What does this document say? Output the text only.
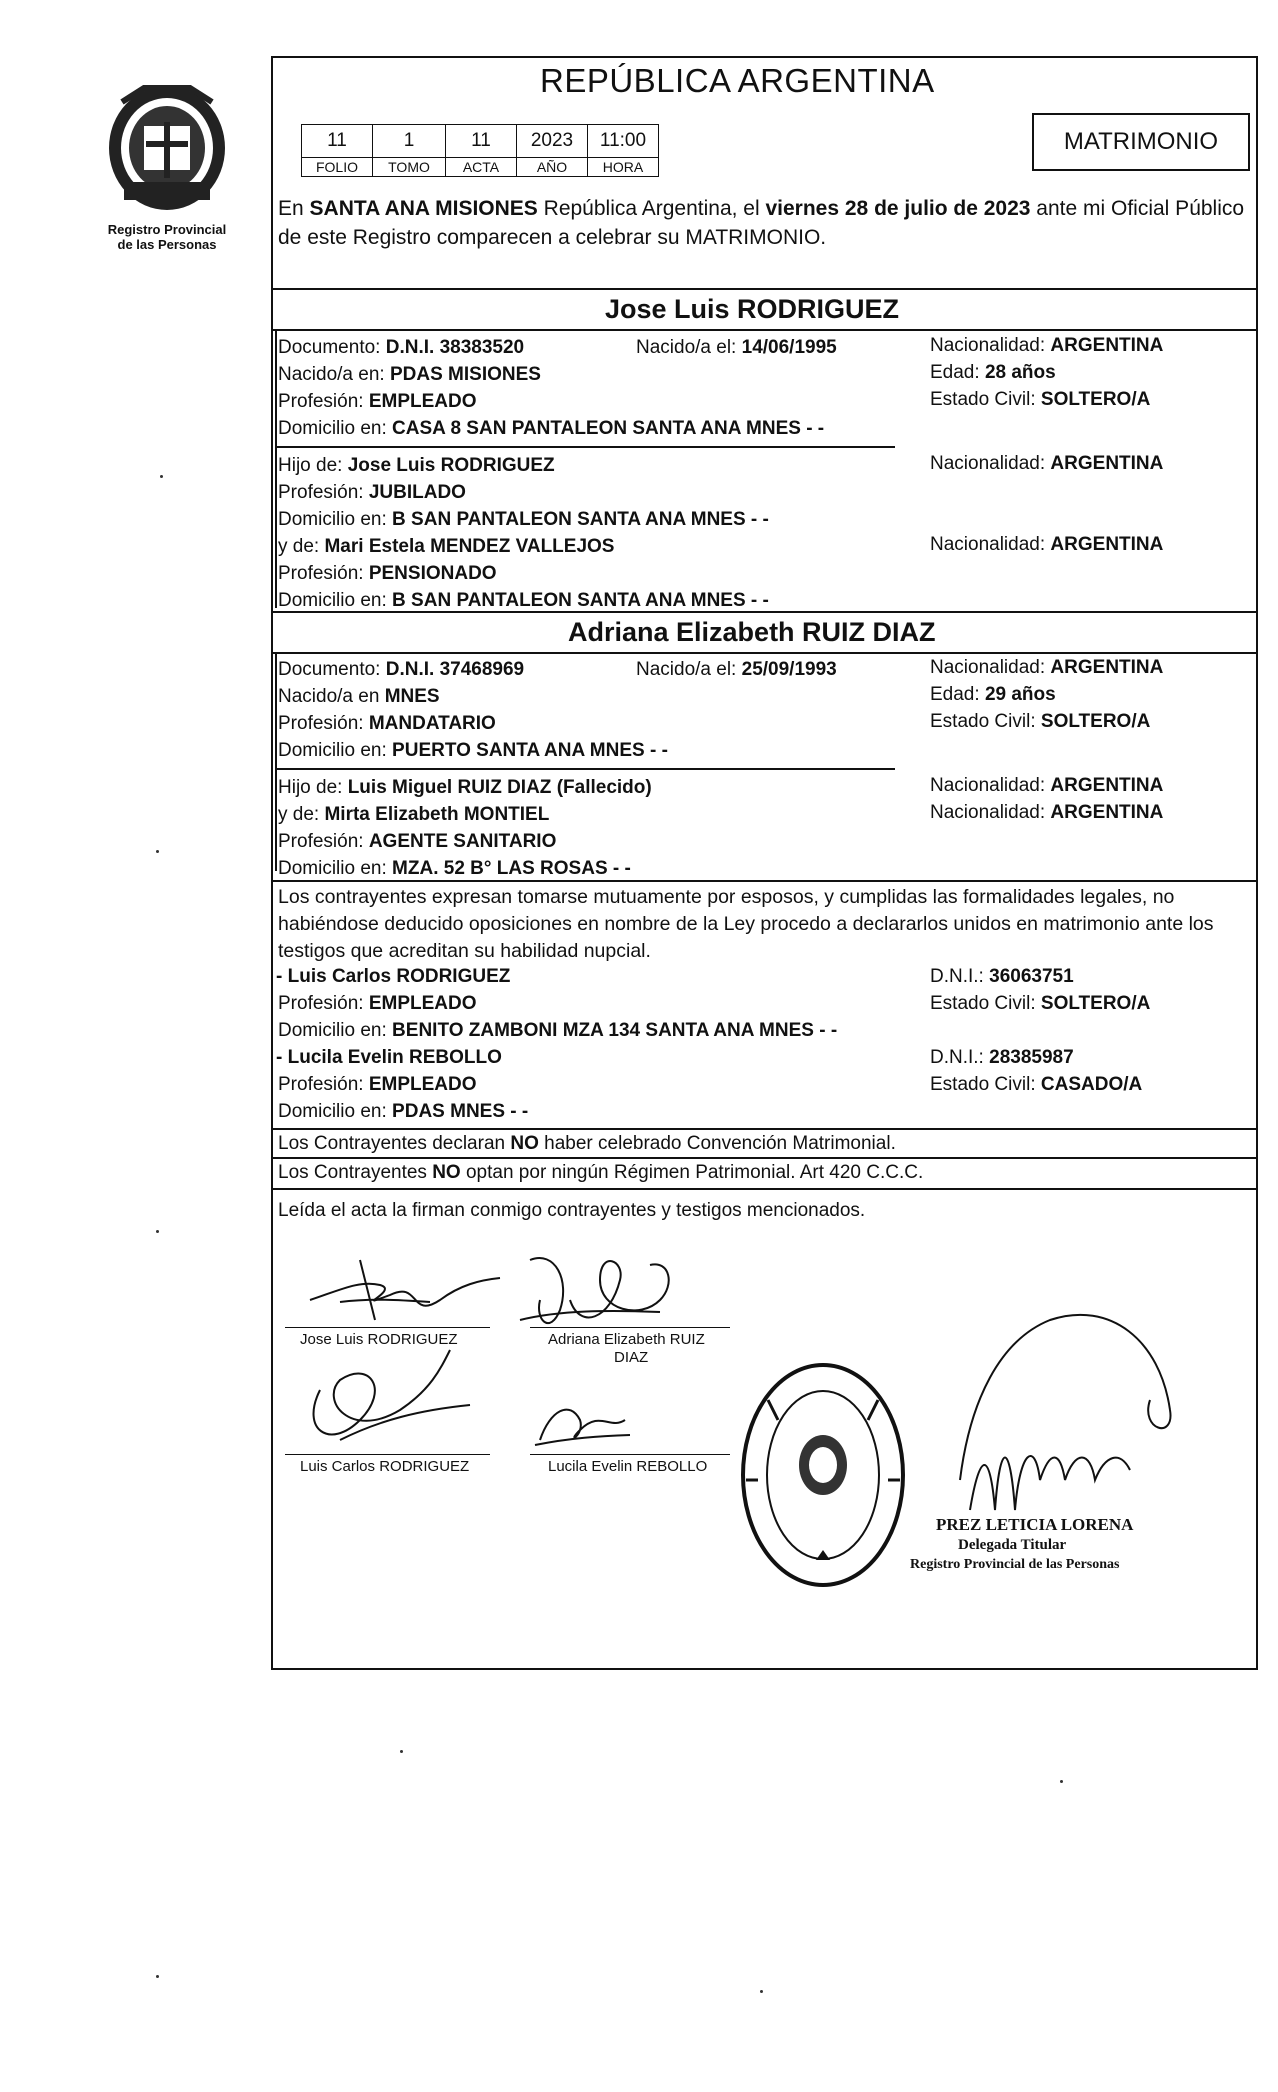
Registro Provincial
de las Personas
REPÚBLICA ARGENTINA
11	1	11	2023	11:00
FOLIO	TOMO	ACTA	AÑO	HORA
MATRIMONIO
En SANTA ANA MISIONES República Argentina, el viernes 28 de julio de 2023 ante mi Oficial Público de este Registro comparecen a celebrar su MATRIMONIO.
Jose Luis RODRIGUEZ
Documento: D.N.I. 38383520	Nacido/a el: 14/06/1995	Nacionalidad: ARGENTINA
Nacido/a en: PDAS MISIONES	Edad: 28 años
Profesión: EMPLEADO	Estado Civil: SOLTERO/A
Domicilio en: CASA 8 SAN PANTALEON SANTA ANA MNES - -
Hijo de: Jose Luis RODRIGUEZ	Nacionalidad: ARGENTINA
Profesión: JUBILADO
Domicilio en: B SAN PANTALEON SANTA ANA MNES - -
y de: Mari Estela MENDEZ VALLEJOS	Nacionalidad: ARGENTINA
Profesión: PENSIONADO
Domicilio en: B SAN PANTALEON SANTA ANA MNES - -
Adriana Elizabeth RUIZ DIAZ
Documento: D.N.I. 37468969	Nacido/a el: 25/09/1993	Nacionalidad: ARGENTINA
Nacido/a en MNES	Edad: 29 años
Profesión: MANDATARIO	Estado Civil: SOLTERO/A
Domicilio en: PUERTO SANTA ANA MNES - -
Hijo de: Luis Miguel RUIZ DIAZ (Fallecido)	Nacionalidad: ARGENTINA
y de: Mirta Elizabeth MONTIEL	Nacionalidad: ARGENTINA
Profesión: AGENTE SANITARIO
Domicilio en: MZA. 52 B° LAS ROSAS - -
Los contrayentes expresan tomarse mutuamente por esposos, y cumplidas las formalidades legales, no habiéndose deducido oposiciones en nombre de la Ley procedo a declararlos unidos en matrimonio ante los testigos que acreditan su habilidad nupcial.
- Luis Carlos RODRIGUEZ	D.N.I.: 36063751
Profesión: EMPLEADO	Estado Civil: SOLTERO/A
Domicilio en: BENITO ZAMBONI MZA 134 SANTA ANA MNES - -
- Lucila Evelin REBOLLO	D.N.I.: 28385987
Profesión: EMPLEADO	Estado Civil: CASADO/A
Domicilio en: PDAS MNES - -
Los Contrayentes declaran NO haber celebrado Convención Matrimonial.
Los Contrayentes NO optan por ningún Régimen Patrimonial. Art 420 C.C.C.
Leída el acta la firman conmigo contrayentes y testigos mencionados.
Jose Luis RODRIGUEZ	Adriana Elizabeth RUIZ
DIAZ
Luis Carlos RODRIGUEZ	Lucila Evelin REBOLLO
PREZ LETICIA LORENA
Delegada Titular
Registro Provincial de las Personas
